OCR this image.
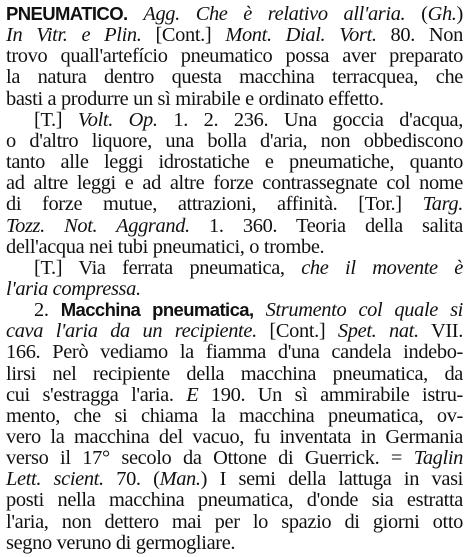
PNEUMATICO. Agg. Che è relativo all'aria. (Gh.)
In Vitr. e Plin. [Cont.] Mont. Dial. Vort. 80. Non
trovo quall'artefício pneumatico possa aver preparato
la natura dentro questa macchina terracquea, che
basti a produrre un sì mirabile e ordinato effetto.
[T.] Volt. Op. 1. 2. 236. Una goccia d'acqua,
o d'altro liquore, una bolla d'aria, non obbediscono
tanto alle leggi idrostatiche e pneumatiche, quanto
ad altre leggi e ad altre forze contrassegnate col nome
di forze mutue, attrazioni, affinità. [Tor.] Targ.
Tozz. Not. Aggrand. 1. 360. Teoria della salita
dell'acqua nei tubi pneumatici, o trombe.
[T.] Via ferrata pneumatica, che il movente è
l'aria compressa.
2. Macchina pneumatica, Strumento col quale si
cava l'aria da un recipiente. [Cont.] Spet. nat. VII.
166. Però vediamo la fiamma d'una candela indebo-
lirsi nel recipiente della macchina pneumatica, da
cui s'estragga l'aria. E 190. Un sì ammirabile istru-
mento, che si chiama la macchina pneumatica, ov-
vero la macchina del vacuo, fu inventata in Germania
verso il 17° secolo da Ottone di Guerrick. = Taglin
Lett. scient. 70. (Man.) I semi della lattuga in vasi
posti nella macchina pneumatica, d'onde sia estratta
l'aria, non dettero mai per lo spazio di giorni otto
segno veruno di germogliare.
